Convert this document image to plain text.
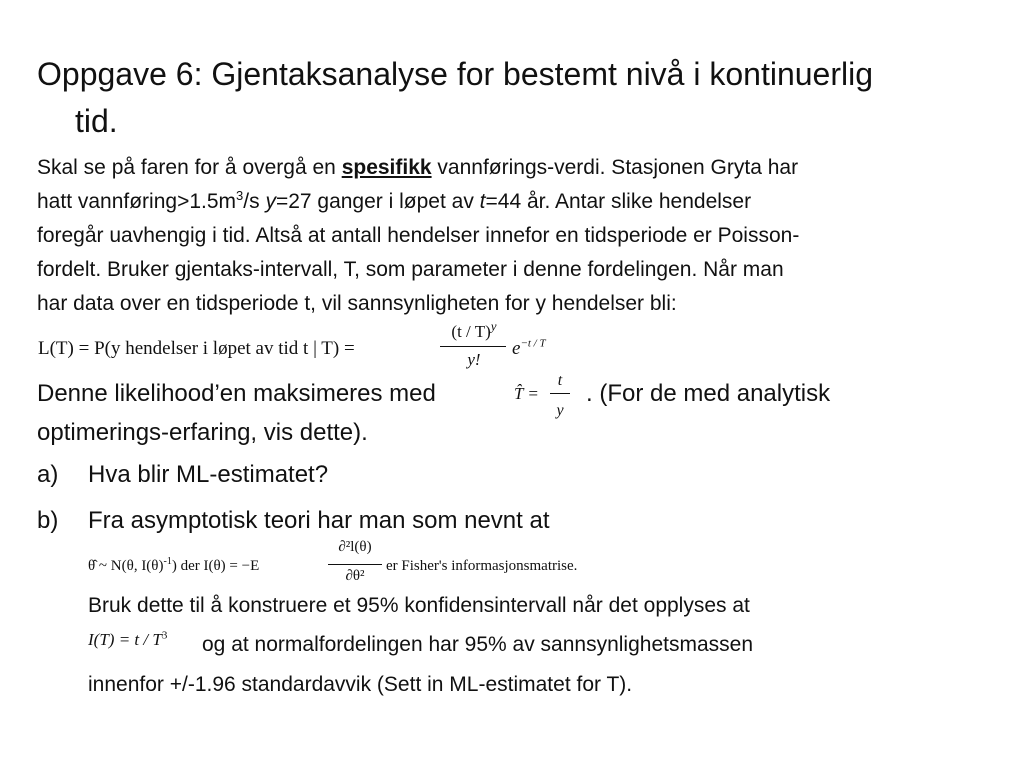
Oppgave 6: Gjentaksanalyse for bestemt nivå i kontinuerlig
tid.
Skal se på faren for å overgå en spesifikk vannførings-verdi. Stasjonen Gryta har
hatt $vannføring>1.5m^3/s$ y=27 ganger i løpet av t=44 år. Antar slike hendelser
foregår uavhengig i tid. Altså at antall hendelser innefor en tidsperiode er Poisson-
fordelt. Bruker gjentaks-intervall, T, som parameter i denne fordelingen. Når man
har data over en tidsperiode t, vil sannsynligheten for y hendelser bli:
L(T) = P(y hendelser i løpet av tid t | T) =
(t / T)$^y$
y!
$e^{-t / T}$
Denne likelihood’en maksimeres med	T̂ =
t
y
. (For de med analytisk
optimerings-erfaring, vis dette).
a) Hva blir ML-estimatet?
b) Fra asymptotisk teori har man som nevnt at
θ̂ ~ N(θ, $I(\theta)^{-1}$) der I(θ) = −E
∂²l(θ)
∂θ²
er Fisher's informasjonsmatrise.
Bruk dette til å konstruere et 95% konfidensintervall når det opplyses at
$I(T) = t / T^3$ og at normalfordelingen har 95% av sannsynlighetsmassen
innenfor +/-1.96 standardavvik (Sett in ML-estimatet for T).
